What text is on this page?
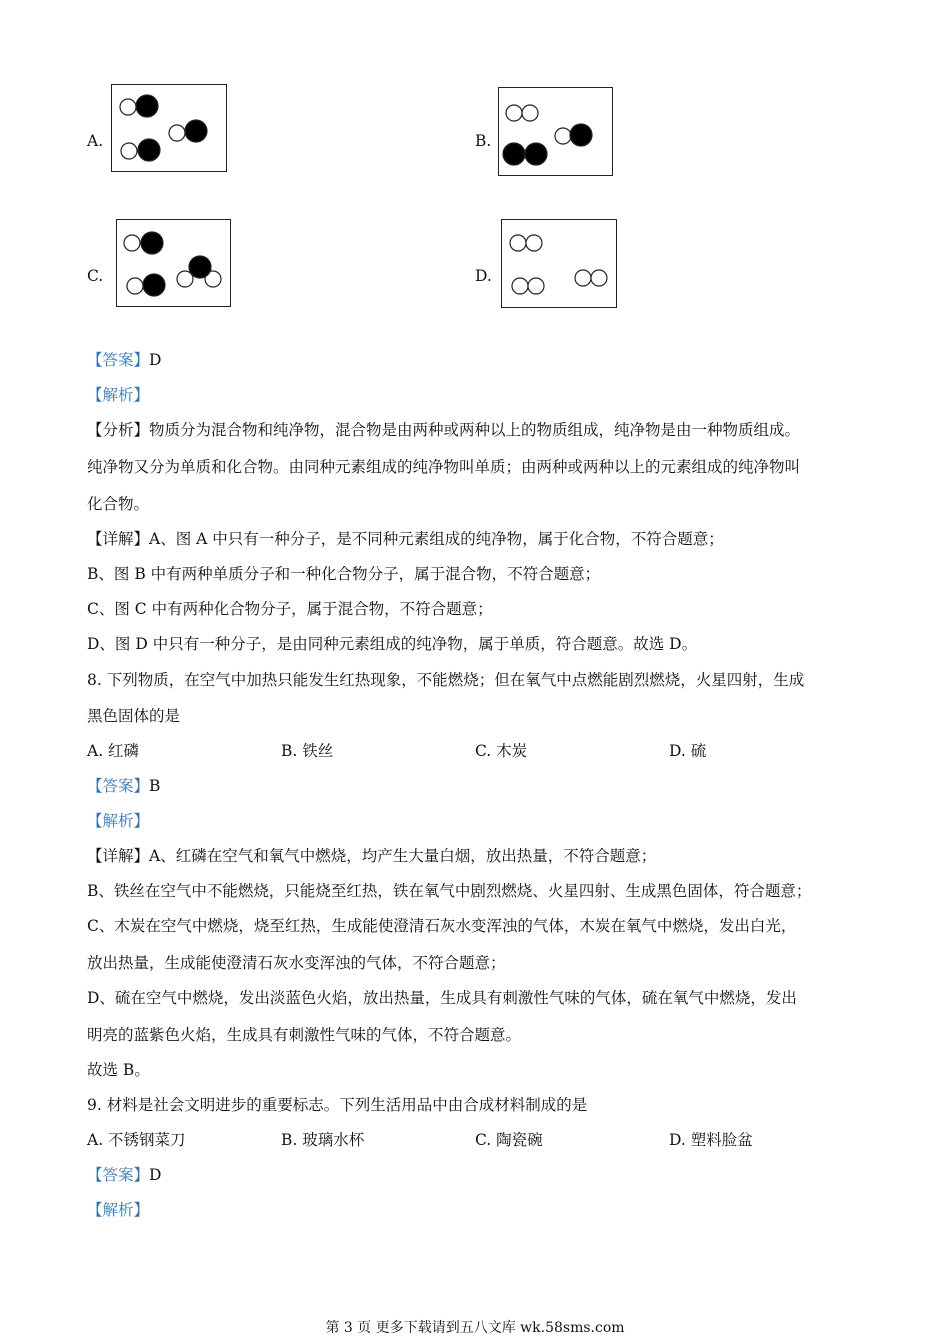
A.	B.
C.	D.
【答案】D
【解析】
【分析】物质分为混合物和纯净物，混合物是由两种或两种以上的物质组成，纯净物是由一种物质组成。
纯净物又分为单质和化合物。由同种元素组成的纯净物叫单质；由两种或两种以上的元素组成的纯净物叫
化合物。
【详解】A、图 A 中只有一种分子，是不同种元素组成的纯净物，属于化合物，不符合题意；
B、图 B 中有两种单质分子和一种化合物分子，属于混合物，不符合题意；
C、图 C 中有两种化合物分子，属于混合物，不符合题意；
D、图 D 中只有一种分子，是由同种元素组成的纯净物，属于单质，符合题意。故选 D。
8. 下列物质，在空气中加热只能发生红热现象，不能燃烧；但在氧气中点燃能剧烈燃烧，火星四射，生成
黑色固体的是
A. 红磷	B. 铁丝	C. 木炭	D. 硫
【答案】B
【解析】
【详解】A、红磷在空气和氧气中燃烧，均产生大量白烟，放出热量，不符合题意；
B、铁丝在空气中不能燃烧，只能烧至红热，铁在氧气中剧烈燃烧、火星四射、生成黑色固体，符合题意；
C、木炭在空气中燃烧，烧至红热，生成能使澄清石灰水变浑浊的气体，木炭在氧气中燃烧，发出白光，
放出热量，生成能使澄清石灰水变浑浊的气体，不符合题意；
D、硫在空气中燃烧，发出淡蓝色火焰，放出热量，生成具有刺激性气味的气体，硫在氧气中燃烧，发出
明亮的蓝紫色火焰，生成具有刺激性气味的气体，不符合题意。
故选 B。
9. 材料是社会文明进步的重要标志。下列生活用品中由合成材料制成的是
A. 不锈钢菜刀	B. 玻璃水杯	C. 陶瓷碗	D. 塑料脸盆
【答案】D
【解析】
第 3 页 更多下载请到五八文库 wk.58sms.com
